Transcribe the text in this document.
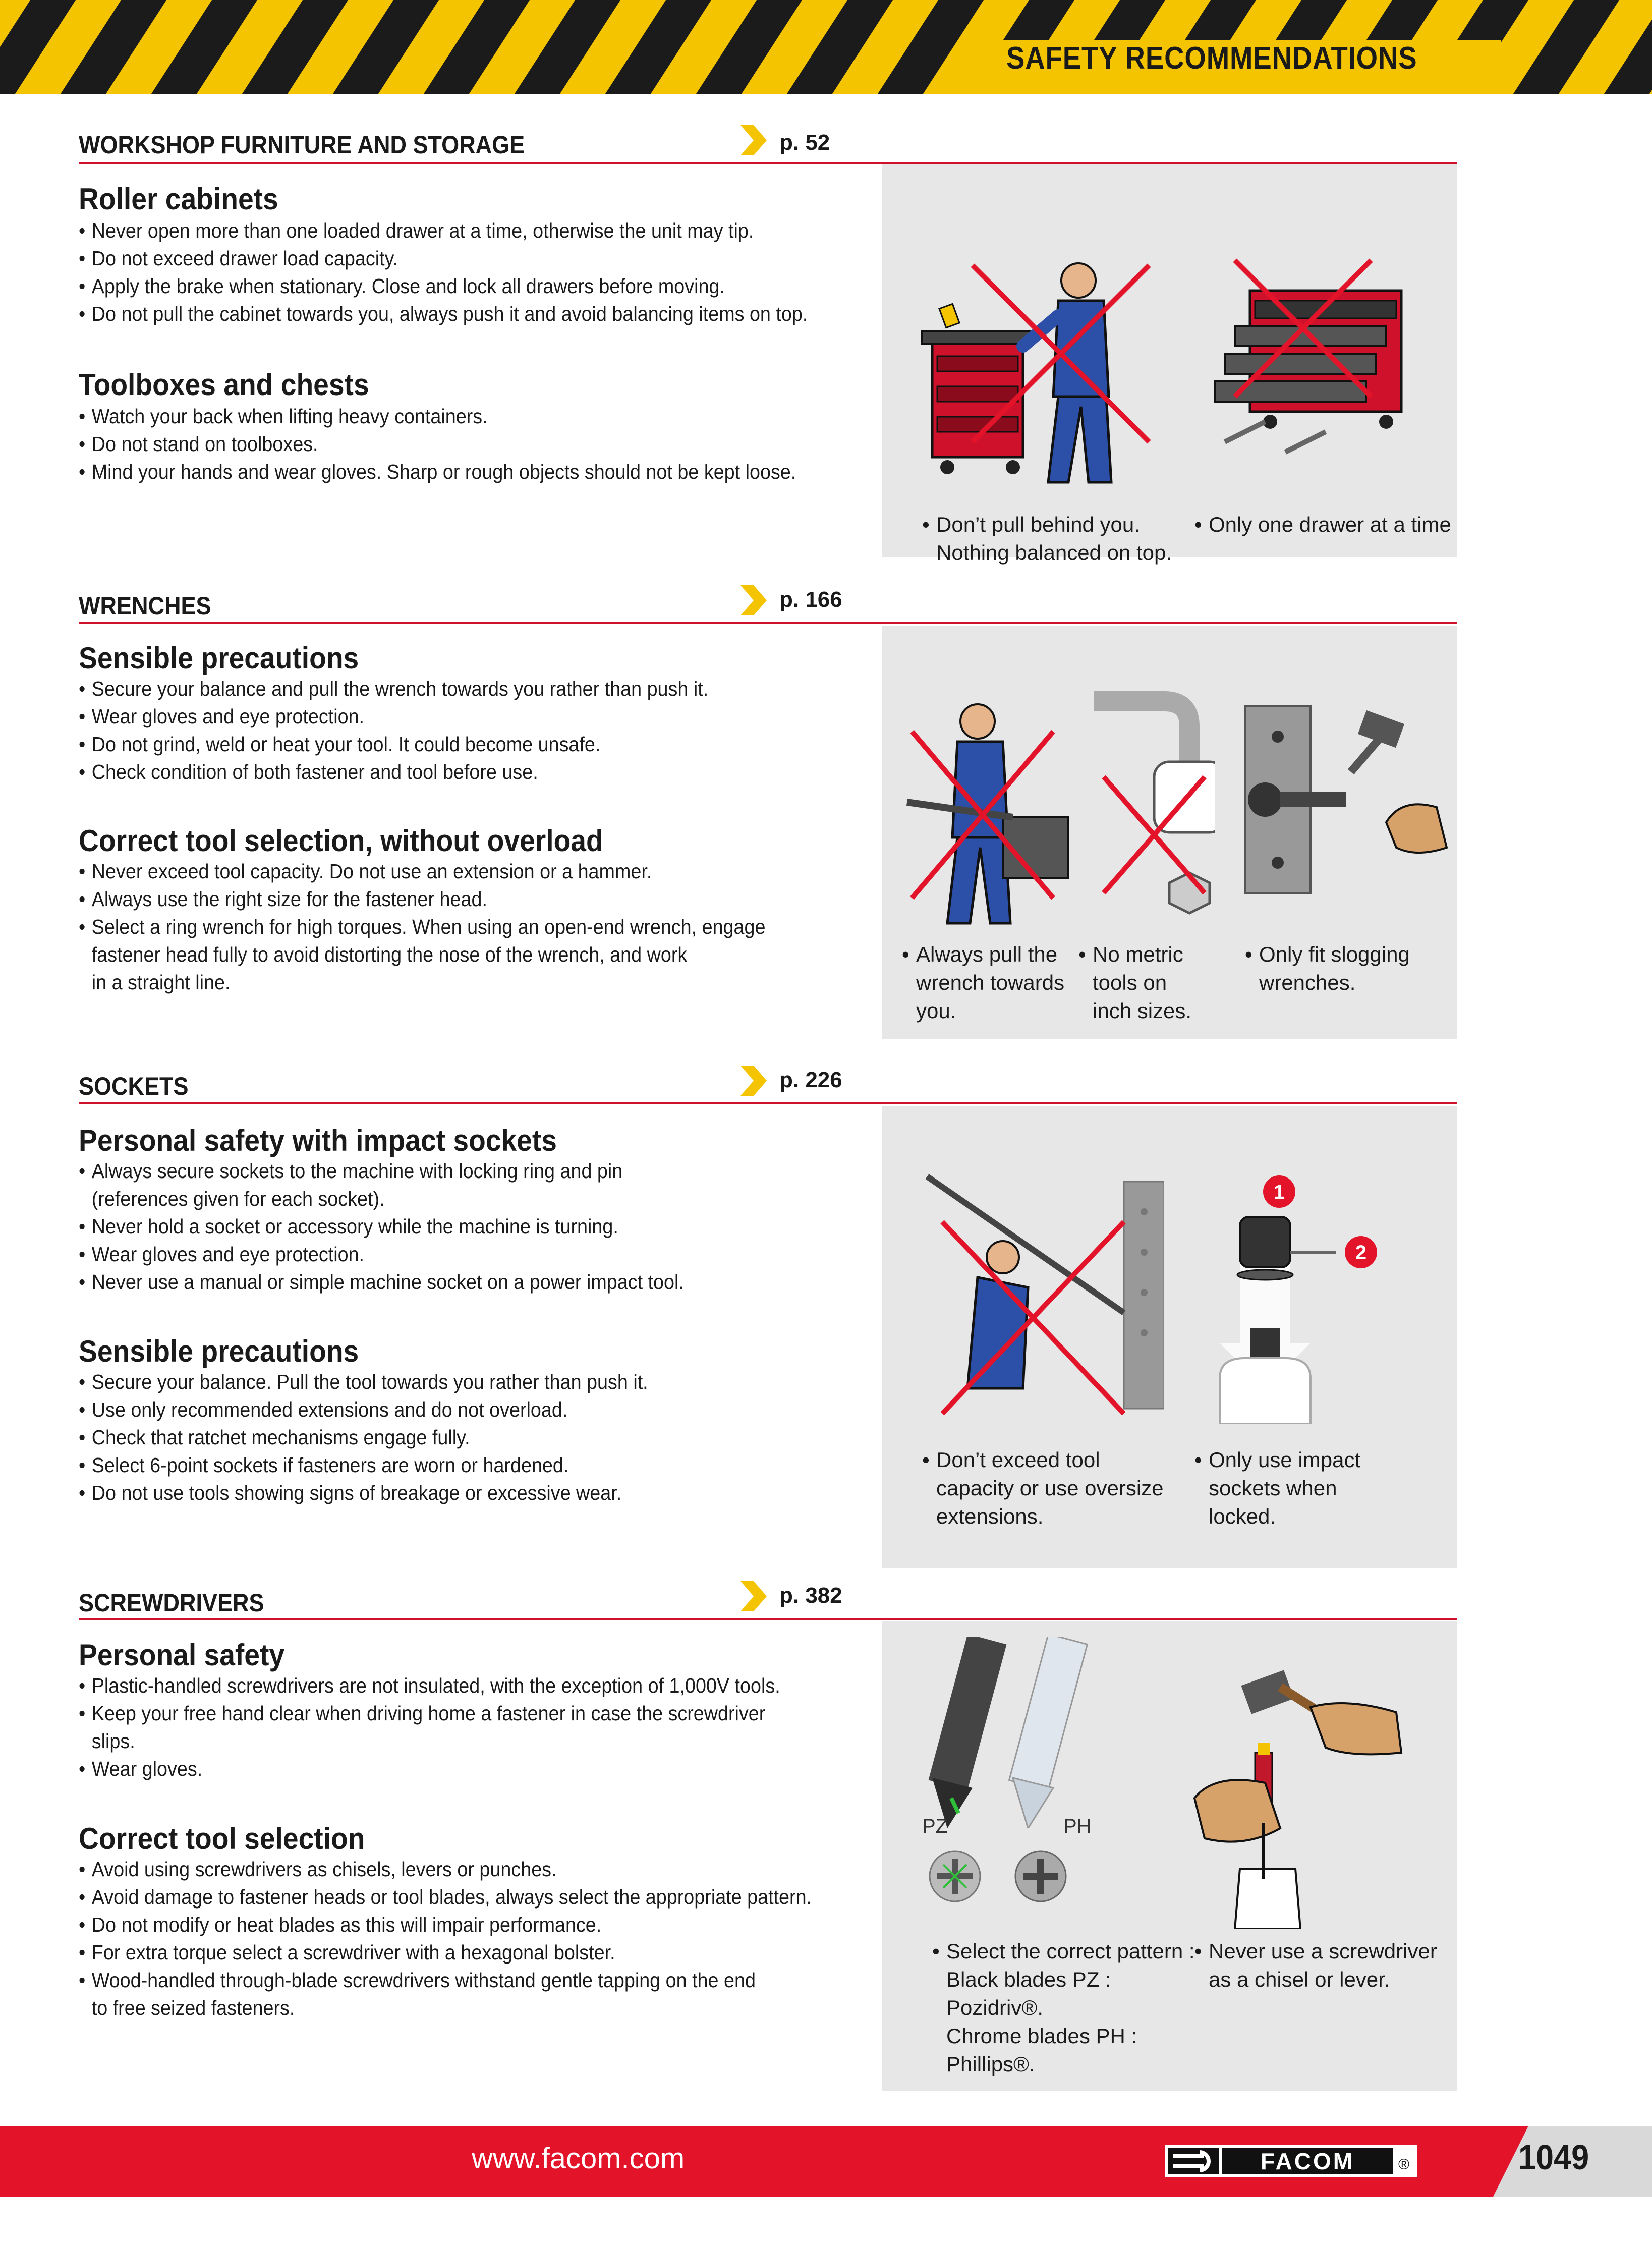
SAFETY RECOMMENDATIONS
WORKSHOP FURNITURE AND STORAGE	p. 52
Roller cabinets
• Never open more than one loaded drawer at a time, otherwise the unit may tip.
• Do not exceed drawer load capacity.
• Apply the brake when stationary. Close and lock all drawers before moving.
• Do not pull the cabinet towards you, always push it and avoid balancing items on top.
Toolboxes and chests
• Watch your back when lifting heavy containers.
• Do not stand on toolboxes.
• Mind your hands and wear gloves. Sharp or rough objects should not be kept loose.

• Don’t pull behind you.
Nothing balanced on top.

• Only one drawer at a time

WRENCHES	p. 166
Sensible precautions
• Secure your balance and pull the wrench towards you rather than push it.
• Wear gloves and eye protection.
• Do not grind, weld or heat your tool. It could become unsafe.
• Check condition of both fastener and tool before use.
Correct tool selection, without overload
• Never exceed tool capacity. Do not use an extension or a hammer.
• Always use the right size for the fastener head.
• Select a ring wrench for high torques. When using an open-end wrench, engage
fastener head fully to avoid distorting the nose of the wrench, and work
in a straight line.

• Always pull the
wrench towards
you.

• No metric
tools on
inch sizes.

• Only fit slogging
wrenches.

SOCKETS	p. 226
Personal safety with impact sockets
• Always secure sockets to the machine with locking ring and pin
(references given for each socket).
• Never hold a socket or accessory while the machine is turning.
• Wear gloves and eye protection.
• Never use a manual or simple machine socket on a power impact tool.
Sensible precautions
• Secure your balance. Pull the tool towards you rather than push it.
• Use only recommended extensions and do not overload.
• Check that ratchet mechanisms engage fully.
• Select 6-point sockets if fasteners are worn or hardened.
• Do not use tools showing signs of breakage or excessive wear.
1
2

• Don’t exceed tool
capacity or use oversize
extensions.

• Only use impact
sockets when
locked.

SCREWDRIVERS	p. 382
Personal safety
• Plastic-handled screwdrivers are not insulated, with the exception of 1,000V tools.
• Keep your free hand clear when driving home a fastener in case the screwdriver
slips.
• Wear gloves.
Correct tool selection
• Avoid using screwdrivers as chisels, levers or punches.
• Avoid damage to fastener heads or tool blades, always select the appropriate pattern.
• Do not modify or heat blades as this will impair performance.
• For extra torque select a screwdriver with a hexagonal bolster.
• Wood-handled through-blade screwdrivers withstand gentle tapping on the end
to free seized fasteners.
PZ	PH

• Select the correct pattern :
Black blades PZ :
Pozidriv®.
Chrome blades PH :
Phillips®.

• Never use a screwdriver
as a chisel or lever.

www.facom.com	FACOM	®	1049
